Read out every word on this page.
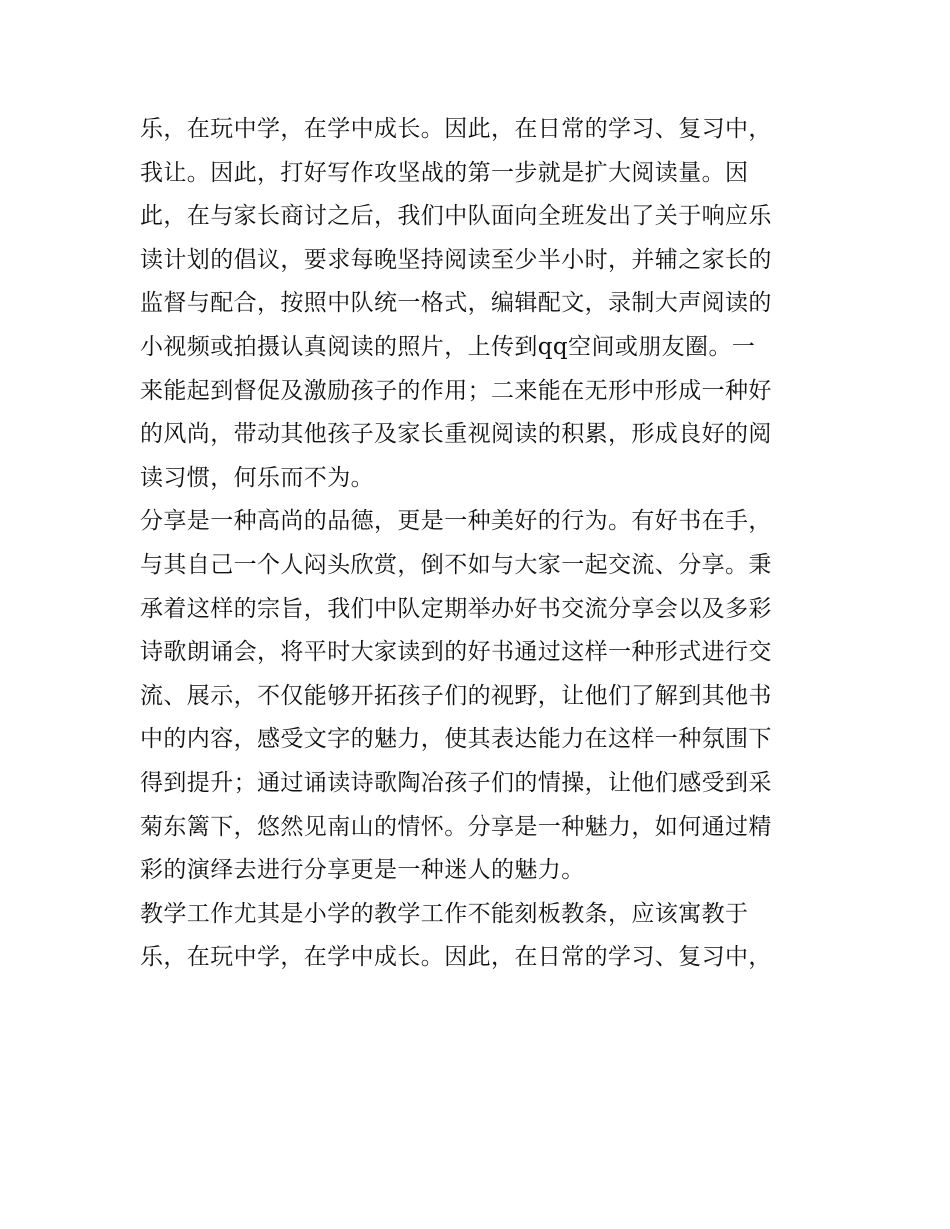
乐，在玩中学，在学中成长。因此，在日常的学习、复习中，
我让。因此，打好写作攻坚战的第一步就是扩大阅读量。因
此，在与家长商讨之后，我们中队面向全班发出了关于响应乐
读计划的倡议，要求每晚坚持阅读至少半小时，并辅之家长的
监督与配合，按照中队统一格式，编辑配文，录制大声阅读的
小视频或拍摄认真阅读的照片，上传到qq空间或朋友圈。一
来能起到督促及激励孩子的作用；二来能在无形中形成一种好
的风尚，带动其他孩子及家长重视阅读的积累，形成良好的阅
读习惯，何乐而不为。
分享是一种高尚的品德，更是一种美好的行为。有好书在手，
与其自己一个人闷头欣赏，倒不如与大家一起交流、分享。秉
承着这样的宗旨，我们中队定期举办好书交流分享会以及多彩
诗歌朗诵会，将平时大家读到的好书通过这样一种形式进行交
流、展示，不仅能够开拓孩子们的视野，让他们了解到其他书
中的内容，感受文字的魅力，使其表达能力在这样一种氛围下
得到提升；通过诵读诗歌陶冶孩子们的情操，让他们感受到采
菊东篱下，悠然见南山的情怀。分享是一种魅力，如何通过精
彩的演绎去进行分享更是一种迷人的魅力。
教学工作尤其是小学的教学工作不能刻板教条，应该寓教于
乐，在玩中学，在学中成长。因此，在日常的学习、复习中，
